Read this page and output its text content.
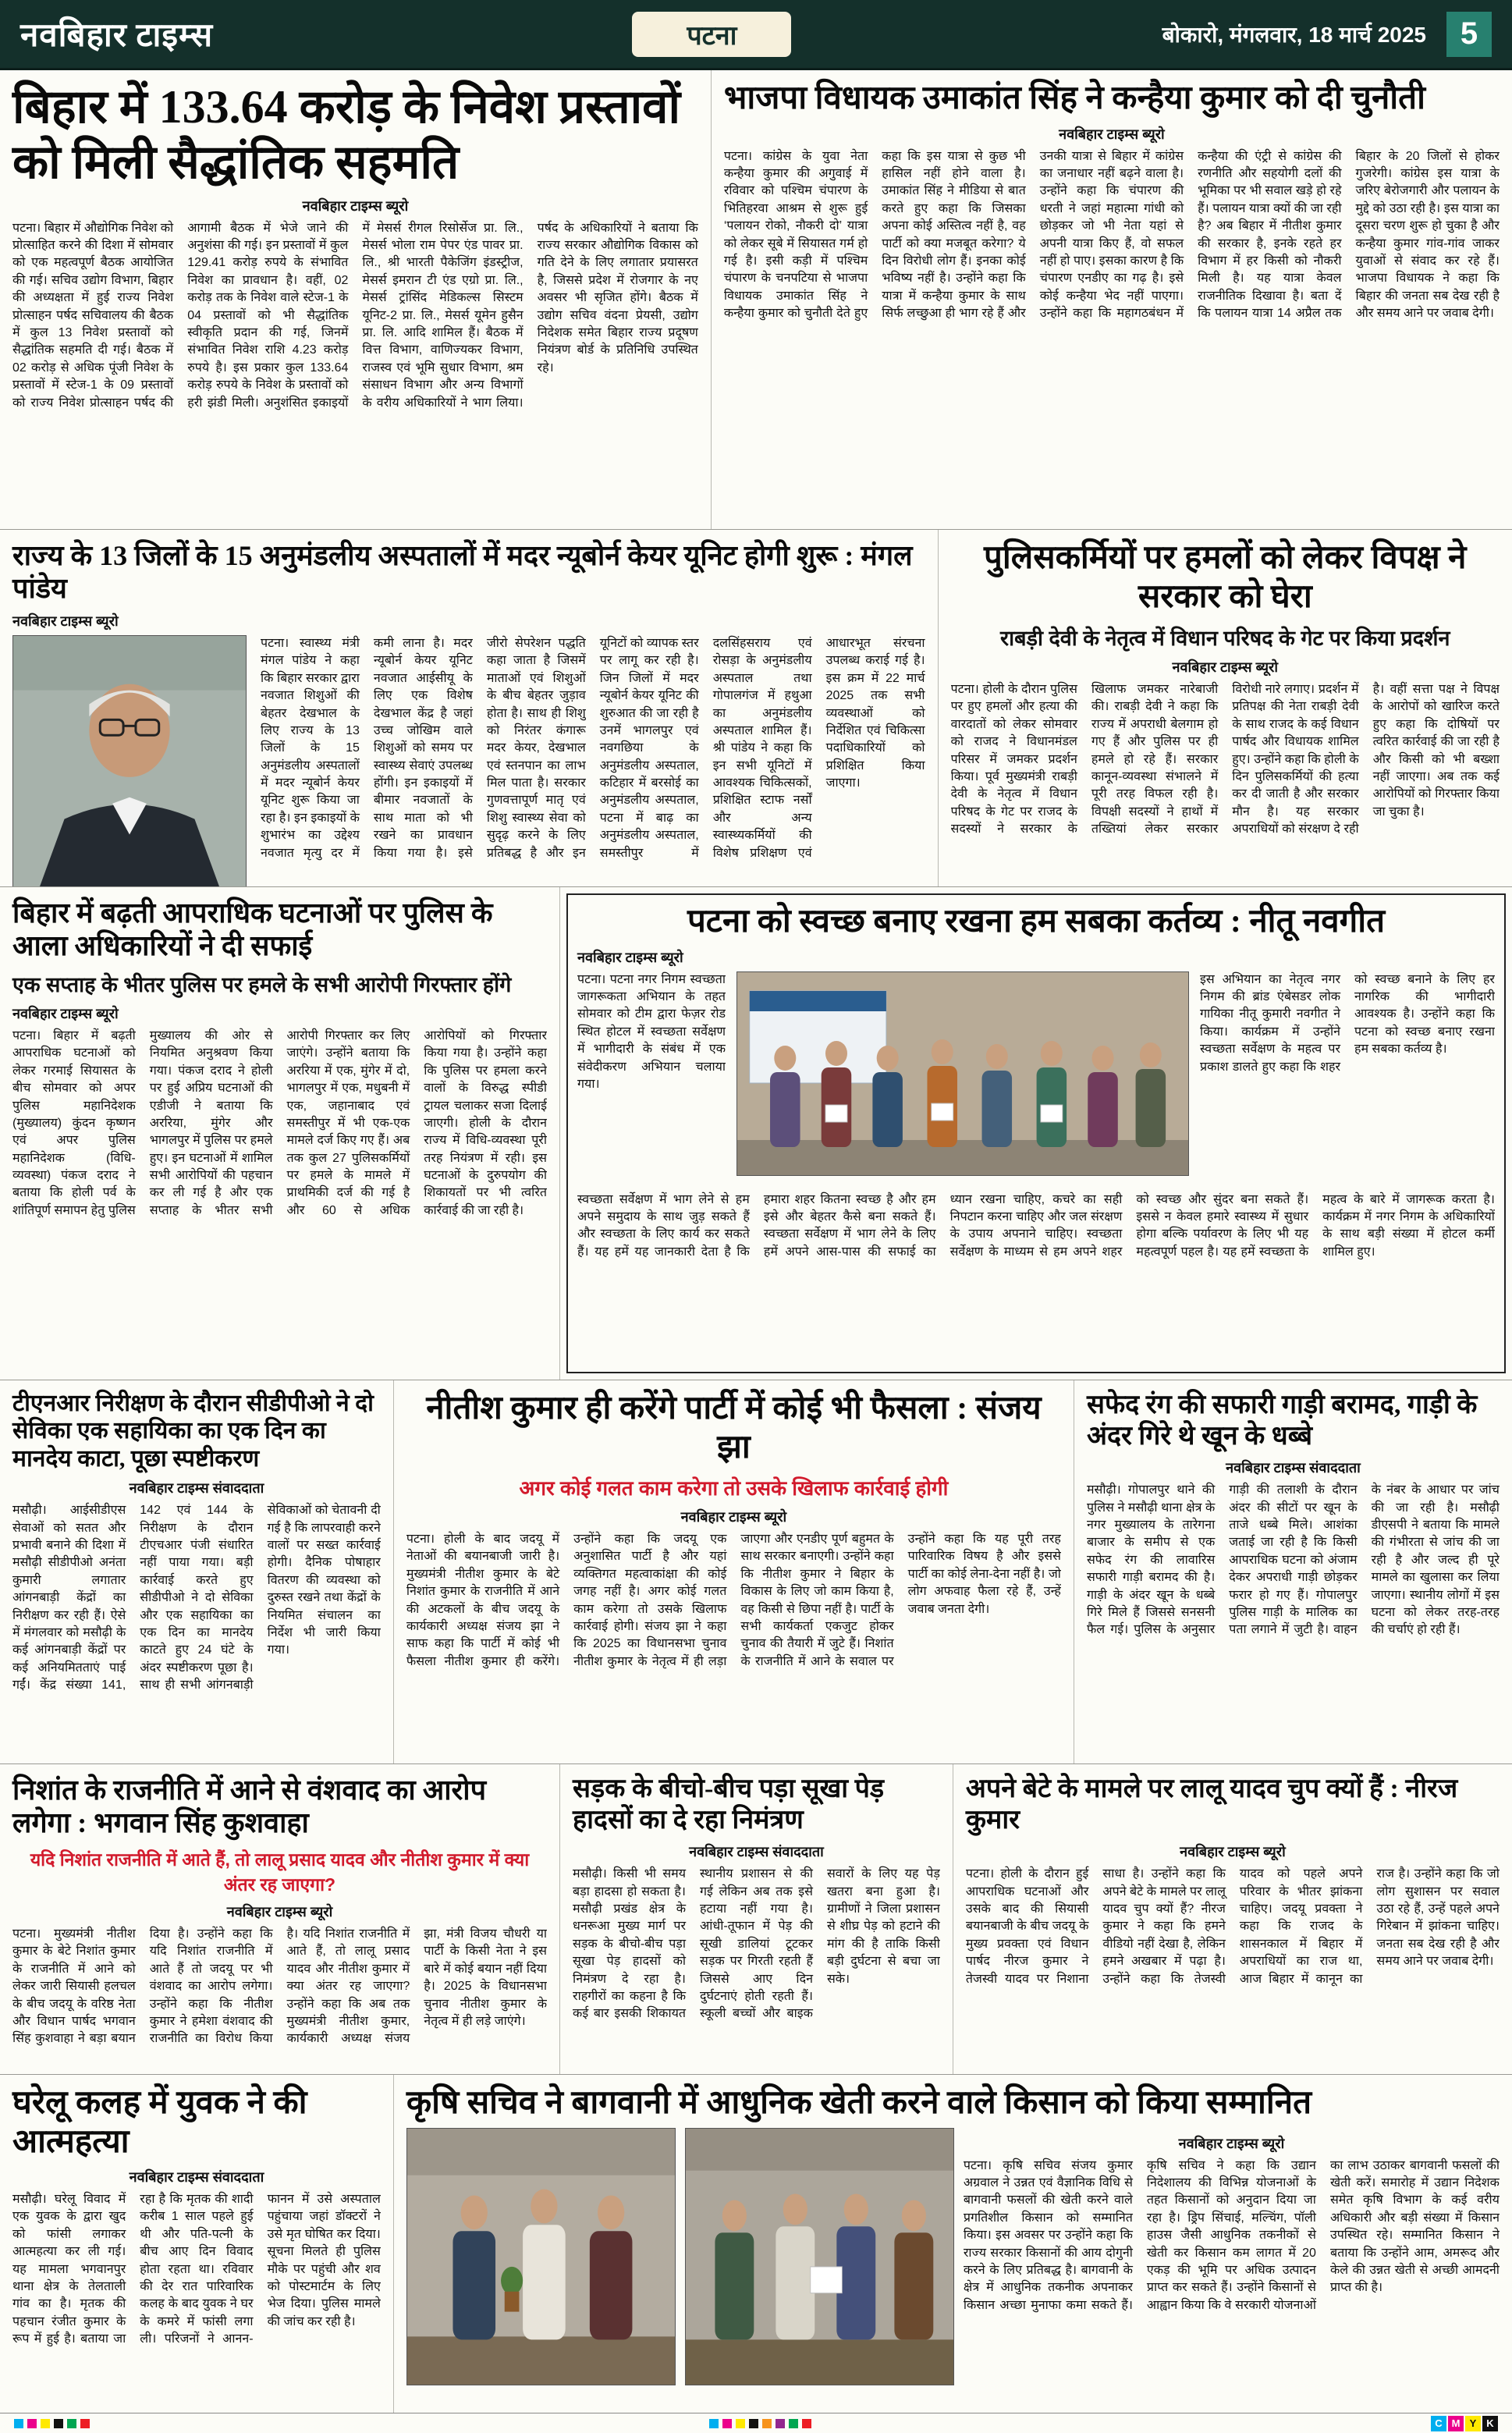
नवबिहार टाइम्स	पटना	बोकारो, मंगलवार, 18 मार्च 2025	5
बिहार में 133.64 करोड़ के निवेश प्रस्तावों को मिली सैद्धांतिक सहमति
नवबिहार टाइम्स ब्यूरो
पटना। बिहार में औद्योगिक निवेश को प्रोत्साहित करने की दिशा में सोमवार को एक महत्वपूर्ण बैठक आयोजित की गई। सचिव उद्योग विभाग, बिहार की अध्यक्षता में हुई राज्य निवेश प्रोत्साहन पर्षद सचिवालय की बैठक में कुल 13 निवेश प्रस्तावों को सैद्धांतिक सहमति दी गई। बैठक में 02 करोड़ से अधिक पूंजी निवेश के प्रस्तावों में स्टेज-1 के 09 प्रस्तावों को राज्य निवेश प्रोत्साहन पर्षद की आगामी बैठक में भेजे जाने की अनुशंसा की गई। इन प्रस्तावों में कुल 129.41 करोड़ रुपये के संभावित निवेश का प्रावधान है। वहीं, 02 करोड़ तक के निवेश वाले स्टेज-1 के 04 प्रस्तावों को भी सैद्धांतिक स्वीकृति प्रदान की गई, जिनमें संभावित निवेश राशि 4.23 करोड़ रुपये है। इस प्रकार कुल 133.64 करोड़ रुपये के निवेश के प्रस्तावों को हरी झंडी मिली। अनुशंसित इकाइयों में मेसर्स रीगल रिसोर्सेज प्रा. लि., मेसर्स भोला राम पेपर एंड पावर प्रा. लि., श्री भारती पैकेजिंग इंडस्ट्रीज, मेसर्स इमरान टी एंड एग्रो प्रा. लि., मेसर्स ट्रांसिंद मेडिकल्स सिस्टम यूनिट-2 प्रा. लि., मेसर्स यूमेन हुसैन प्रा. लि. आदि शामिल हैं। बैठक में वित्त विभाग, वाणिज्यकर विभाग, राजस्व एवं भूमि सुधार विभाग, श्रम संसाधन विभाग और अन्य विभागों के वरीय अधिकारियों ने भाग लिया। पर्षद के अधिकारियों ने बताया कि राज्य सरकार औद्योगिक विकास को गति देने के लिए लगातार प्रयासरत है, जिससे प्रदेश में रोजगार के नए अवसर भी सृजित होंगे। बैठक में उद्योग सचिव वंदना प्रेयसी, उद्योग निदेशक समेत बिहार राज्य प्रदूषण नियंत्रण बोर्ड के प्रतिनिधि उपस्थित रहे।
भाजपा विधायक उमाकांत सिंह ने कन्हैया कुमार को दी चुनौती
नवबिहार टाइम्स ब्यूरो
पटना। कांग्रेस के युवा नेता कन्हैया कुमार की अगुवाई में रविवार को पश्चिम चंपारण के भितिहरवा आश्रम से शुरू हुई ‘पलायन रोको, नौकरी दो’ यात्रा को लेकर सूबे में सियासत गर्म हो गई है। इसी कड़ी में पश्चिम चंपारण के चनपटिया से भाजपा विधायक उमाकांत सिंह ने कन्हैया कुमार को चुनौती देते हुए कहा कि इस यात्रा से कुछ भी हासिल नहीं होने वाला है। उमाकांत सिंह ने मीडिया से बात करते हुए कहा कि जिसका अपना कोई अस्तित्व नहीं है, वह पार्टी को क्या मजबूत करेगा? ये दिन विरोधी लोग हैं। इनका कोई भविष्य नहीं है। उन्होंने कहा कि यात्रा में कन्हैया कुमार के साथ सिर्फ लच्छुआ ही भाग रहे हैं और उनकी यात्रा से बिहार में कांग्रेस का जनाधार नहीं बढ़ने वाला है। उन्होंने कहा कि चंपारण की धरती ने जहां महात्मा गांधी को छोड़कर जो भी नेता यहां से अपनी यात्रा किए हैं, वो सफल नहीं हो पाए। इसका कारण है कि चंपारण एनडीए का गढ़ है। इसे कोई कन्हैया भेद नहीं पाएगा। उन्होंने कहा कि महागठबंधन में कन्हैया की एंट्री से कांग्रेस की रणनीति और सहयोगी दलों की भूमिका पर भी सवाल खड़े हो रहे हैं। पलायन यात्रा क्यों की जा रही है? अब बिहार में नीतीश कुमार की सरकार है, इनके रहते हर विभाग में हर किसी को नौकरी मिली है। यह यात्रा केवल राजनीतिक दिखावा है। बता दें कि पलायन यात्रा 14 अप्रैल तक बिहार के 20 जिलों से होकर गुजरेगी। कांग्रेस इस यात्रा के जरिए बेरोजगारी और पलायन के मुद्दे को उठा रही है। इस यात्रा का दूसरा चरण शुरू हो चुका है और कन्हैया कुमार गांव-गांव जाकर युवाओं से संवाद कर रहे हैं। भाजपा विधायक ने कहा कि बिहार की जनता सब देख रही है और समय आने पर जवाब देगी।
राज्य के 13 जिलों के 15 अनुमंडलीय अस्पतालों में मदर न्यूबोर्न केयर यूनिट होगी शुरू : मंगल पांडेय
नवबिहार टाइम्स ब्यूरो
पटना। स्वास्थ्य मंत्री मंगल पांडेय ने कहा कि बिहार सरकार द्वारा नवजात शिशुओं की बेहतर देखभाल के लिए राज्य के 13 जिलों के 15 अनुमंडलीय अस्पतालों में मदर न्यूबोर्न केयर यूनिट शुरू किया जा रहा है। इन इकाइयों के शुभारंभ का उद्देश्य नवजात मृत्यु दर में कमी लाना है। मदर न्यूबोर्न केयर यूनिट नवजात आईसीयू के लिए एक विशेष देखभाल केंद्र है जहां उच्च जोखिम वाले शिशुओं को समय पर स्वास्थ्य सेवाएं उपलब्ध होंगी। इन इकाइयों में बीमार नवजातों के साथ माता को भी रखने का प्रावधान किया गया है। इसे जीरो सेपरेशन पद्धति कहा जाता है जिसमें माताओं एवं शिशुओं के बीच बेहतर जुड़ाव होता है। साथ ही शिशु को निरंतर कंगारू मदर केयर, देखभाल एवं स्तनपान का लाभ मिल पाता है। सरकार गुणवत्तापूर्ण मातृ एवं शिशु स्वास्थ्य सेवा को सुदृढ़ करने के लिए प्रतिबद्ध है और इन यूनिटों को व्यापक स्तर पर लागू कर रही है। जिन जिलों में मदर न्यूबोर्न केयर यूनिट की शुरुआत की जा रही है उनमें भागलपुर एवं नवगछिया के अनुमंडलीय अस्पताल, कटिहार में बरसोई का अनुमंडलीय अस्पताल, पटना में बाढ़ का अनुमंडलीय अस्पताल, समस्तीपुर में दलसिंहसराय एवं रोसड़ा के अनुमंडलीय अस्पताल तथा गोपालगंज में हथुआ का अनुमंडलीय अस्पताल शामिल हैं। श्री पांडेय ने कहा कि इन सभी यूनिटों में आवश्यक चिकित्सकों, प्रशिक्षित स्टाफ नर्सों और अन्य स्वास्थ्यकर्मियों की विशेष प्रशिक्षण एवं आधारभूत संरचना उपलब्ध कराई गई है। इस क्रम में 22 मार्च 2025 तक सभी व्यवस्थाओं को निर्देशित एवं चिकित्सा पदाधिकारियों को प्रशिक्षित किया जाएगा।
पुलिसकर्मियों पर हमलों को लेकर विपक्ष ने सरकार को घेरा
राबड़ी देवी के नेतृत्व में विधान परिषद के गेट पर किया प्रदर्शन
नवबिहार टाइम्स ब्यूरो
पटना। होली के दौरान पुलिस पर हुए हमलों और हत्या की वारदातों को लेकर सोमवार को राजद ने विधानमंडल परिसर में जमकर प्रदर्शन किया। पूर्व मुख्यमंत्री राबड़ी देवी के नेतृत्व में विधान परिषद के गेट पर राजद के सदस्यों ने सरकार के खिलाफ जमकर नारेबाजी की। राबड़ी देवी ने कहा कि राज्य में अपराधी बेलगाम हो गए हैं और पुलिस पर ही हमले हो रहे हैं। सरकार कानून-व्यवस्था संभालने में पूरी तरह विफल रही है। विपक्षी सदस्यों ने हाथों में तख्तियां लेकर सरकार विरोधी नारे लगाए। प्रदर्शन में प्रतिपक्ष की नेता राबड़ी देवी के साथ राजद के कई विधान पार्षद और विधायक शामिल हुए। उन्होंने कहा कि होली के दिन पुलिसकर्मियों की हत्या कर दी जाती है और सरकार मौन है। यह सरकार अपराधियों को संरक्षण दे रही है। वहीं सत्ता पक्ष ने विपक्ष के आरोपों को खारिज करते हुए कहा कि दोषियों पर त्वरित कार्रवाई की जा रही है और किसी को भी बख्शा नहीं जाएगा। अब तक कई आरोपियों को गिरफ्तार किया जा चुका है।
बिहार में बढ़ती आपराधिक घटनाओं पर पुलिस के आला अधिकारियों ने दी सफाई
एक सप्ताह के भीतर पुलिस पर हमले के सभी आरोपी गिरफ्तार होंगे
नवबिहार टाइम्स ब्यूरो
पटना। बिहार में बढ़ती आपराधिक घटनाओं को लेकर गरमाई सियासत के बीच सोमवार को अपर पुलिस महानिदेशक (मुख्यालय) कुंदन कृष्णन एवं अपर पुलिस महानिदेशक (विधि-व्यवस्था) पंकज दराद ने बताया कि होली पर्व के शांतिपूर्ण समापन हेतु पुलिस मुख्यालय की ओर से नियमित अनुश्रवण किया गया। पंकज दराद ने होली पर हुई अप्रिय घटनाओं की एडीजी ने बताया कि अररिया, मुंगेर और भागलपुर में पुलिस पर हमले हुए। इन घटनाओं में शामिल सभी आरोपियों की पहचान कर ली गई है और एक सप्ताह के भीतर सभी आरोपी गिरफ्तार कर लिए जाएंगे। उन्होंने बताया कि अररिया में एक, मुंगेर में दो, भागलपुर में एक, मधुबनी में एक, जहानाबाद एवं समस्तीपुर में भी एक-एक मामले दर्ज किए गए हैं। अब तक कुल 27 पुलिसकर्मियों पर हमले के मामले में प्राथमिकी दर्ज की गई है और 60 से अधिक आरोपियों को गिरफ्तार किया गया है। उन्होंने कहा कि पुलिस पर हमला करने वालों के विरुद्ध स्पीडी ट्रायल चलाकर सजा दिलाई जाएगी। होली के दौरान राज्य में विधि-व्यवस्था पूरी तरह नियंत्रण में रही। इस घटनाओं के दुरुपयोग की शिकायतों पर भी त्वरित कार्रवाई की जा रही है।
पटना को स्वच्छ बनाए रखना हम सबका कर्तव्य : नीतू नवगीत
नवबिहार टाइम्स ब्यूरो
पटना। पटना नगर निगम स्वच्छता जागरूकता अभियान के तहत सोमवार को टीम द्वारा फेज़र रोड स्थित होटल में स्वच्छता सर्वेक्षण में भागीदारी के संबंध में एक संवेदीकरण अभियान चलाया गया।
इस अभियान का नेतृत्व नगर निगम की ब्रांड एंबेसडर लोक गायिका नीतू कुमारी नवगीत ने किया। कार्यक्रम में उन्होंने स्वच्छता सर्वेक्षण के महत्व पर प्रकाश डालते हुए कहा कि शहर को स्वच्छ बनाने के लिए हर नागरिक की भागीदारी आवश्यक है। उन्होंने कहा कि पटना को स्वच्छ बनाए रखना हम सबका कर्तव्य है।
स्वच्छता सर्वेक्षण में भाग लेने से हम अपने समुदाय के साथ जुड़ सकते हैं और स्वच्छता के लिए कार्य कर सकते हैं। यह हमें यह जानकारी देता है कि हमारा शहर कितना स्वच्छ है और हम इसे और बेहतर कैसे बना सकते हैं। स्वच्छता सर्वेक्षण में भाग लेने के लिए हमें अपने आस-पास की सफाई का ध्यान रखना चाहिए, कचरे का सही निपटान करना चाहिए और जल संरक्षण के उपाय अपनाने चाहिए। स्वच्छता सर्वेक्षण के माध्यम से हम अपने शहर को स्वच्छ और सुंदर बना सकते हैं। इससे न केवल हमारे स्वास्थ्य में सुधार होगा बल्कि पर्यावरण के लिए भी यह महत्वपूर्ण पहल है। यह हमें स्वच्छता के महत्व के बारे में जागरूक करता है। कार्यक्रम में नगर निगम के अधिकारियों के साथ बड़ी संख्या में होटल कर्मी शामिल हुए।
टीएनआर निरीक्षण के दौरान सीडीपीओ ने दो सेविका एक सहायिका का एक दिन का मानदेय काटा, पूछा स्पष्टीकरण
नवबिहार टाइम्स संवाददाता
मसौढ़ी। आईसीडीएस सेवाओं को सतत और प्रभावी बनाने की दिशा में मसौढ़ी सीडीपीओ अनंता कुमारी लगातार आंगनबाड़ी केंद्रों का निरीक्षण कर रही हैं। ऐसे में मंगलवार को मसौढ़ी के कई आंगनबाड़ी केंद्रों पर कई अनियमितताएं पाई गईं। केंद्र संख्या 141, 142 एवं 144 के निरीक्षण के दौरान टीएचआर पंजी संधारित नहीं पाया गया। बड़ी कार्रवाई करते हुए सीडीपीओ ने दो सेविका और एक सहायिका का एक दिन का मानदेय काटते हुए 24 घंटे के अंदर स्पष्टीकरण पूछा है। साथ ही सभी आंगनबाड़ी सेविकाओं को चेतावनी दी गई है कि लापरवाही करने वालों पर सख्त कार्रवाई होगी। दैनिक पोषाहार वितरण की व्यवस्था को दुरुस्त रखने तथा केंद्रों के नियमित संचालन का निर्देश भी जारी किया गया।
नीतीश कुमार ही करेंगे पार्टी में कोई भी फैसला : संजय झा
अगर कोई गलत काम करेगा तो उसके खिलाफ कार्रवाई होगी
नवबिहार टाइम्स ब्यूरो
पटना। होली के बाद जदयू में नेताओं की बयानबाजी जारी है। मुख्यमंत्री नीतीश कुमार के बेटे निशांत कुमार के राजनीति में आने की अटकलों के बीच जदयू के कार्यकारी अध्यक्ष संजय झा ने साफ कहा कि पार्टी में कोई भी फैसला नीतीश कुमार ही करेंगे। उन्होंने कहा कि जदयू एक अनुशासित पार्टी है और यहां व्यक्तिगत महत्वाकांक्षा की कोई जगह नहीं है। अगर कोई गलत काम करेगा तो उसके खिलाफ कार्रवाई होगी। संजय झा ने कहा कि 2025 का विधानसभा चुनाव नीतीश कुमार के नेतृत्व में ही लड़ा जाएगा और एनडीए पूर्ण बहुमत के साथ सरकार बनाएगी। उन्होंने कहा कि नीतीश कुमार ने बिहार के विकास के लिए जो काम किया है, वह किसी से छिपा नहीं है। पार्टी के सभी कार्यकर्ता एकजुट होकर चुनाव की तैयारी में जुटे हैं। निशांत के राजनीति में आने के सवाल पर उन्होंने कहा कि यह पूरी तरह पारिवारिक विषय है और इससे पार्टी का कोई लेना-देना नहीं है। जो लोग अफवाह फैला रहे हैं, उन्हें जवाब जनता देगी।
सफेद रंग की सफारी गाड़ी बरामद, गाड़ी के अंदर गिरे थे खून के धब्बे
नवबिहार टाइम्स संवाददाता
मसौढ़ी। गोपालपुर थाने की पुलिस ने मसौढ़ी थाना क्षेत्र के नगर मुख्यालय के तारेगना बाजार के समीप से एक सफेद रंग की लावारिस सफारी गाड़ी बरामद की है। गाड़ी के अंदर खून के धब्बे गिरे मिले हैं जिससे सनसनी फैल गई। पुलिस के अनुसार गाड़ी की तलाशी के दौरान अंदर की सीटों पर खून के ताजे धब्बे मिले। आशंका जताई जा रही है कि किसी आपराधिक घटना को अंजाम देकर अपराधी गाड़ी छोड़कर फरार हो गए हैं। गोपालपुर पुलिस गाड़ी के मालिक का पता लगाने में जुटी है। वाहन के नंबर के आधार पर जांच की जा रही है। मसौढ़ी डीएसपी ने बताया कि मामले की गंभीरता से जांच की जा रही है और जल्द ही पूरे मामले का खुलासा कर लिया जाएगा। स्थानीय लोगों में इस घटना को लेकर तरह-तरह की चर्चाएं हो रही हैं।
निशांत के राजनीति में आने से वंशवाद का आरोप लगेगा : भगवान सिंह कुशवाहा
यदि निशांत राजनीति में आते हैं, तो लालू प्रसाद यादव और नीतीश कुमार में क्या अंतर रह जाएगा?
नवबिहार टाइम्स ब्यूरो
पटना। मुख्यमंत्री नीतीश कुमार के बेटे निशांत कुमार के राजनीति में आने को लेकर जारी सियासी हलचल के बीच जदयू के वरिष्ठ नेता और विधान पार्षद भगवान सिंह कुशवाहा ने बड़ा बयान दिया है। उन्होंने कहा कि यदि निशांत राजनीति में आते हैं तो जदयू पर भी वंशवाद का आरोप लगेगा। उन्होंने कहा कि नीतीश कुमार ने हमेशा वंशवाद की राजनीति का विरोध किया है। यदि निशांत राजनीति में आते हैं, तो लालू प्रसाद यादव और नीतीश कुमार में क्या अंतर रह जाएगा? उन्होंने कहा कि अब तक मुख्यमंत्री नीतीश कुमार, कार्यकारी अध्यक्ष संजय झा, मंत्री विजय चौधरी या पार्टी के किसी नेता ने इस बारे में कोई बयान नहीं दिया है। 2025 के विधानसभा चुनाव नीतीश कुमार के नेतृत्व में ही लड़े जाएंगे।
सड़क के बीचो-बीच पड़ा सूखा पेड़ हादसों का दे रहा निमंत्रण
नवबिहार टाइम्स संवाददाता
मसौढ़ी। किसी भी समय बड़ा हादसा हो सकता है। मसौढ़ी प्रखंड क्षेत्र के धनरूआ मुख्य मार्ग पर सड़क के बीचो-बीच पड़ा सूखा पेड़ हादसों को निमंत्रण दे रहा है। राहगीरों का कहना है कि कई बार इसकी शिकायत स्थानीय प्रशासन से की गई लेकिन अब तक इसे हटाया नहीं गया है। आंधी-तूफान में पेड़ की सूखी डालियां टूटकर सड़क पर गिरती रहती हैं जिससे आए दिन दुर्घटनाएं होती रहती हैं। स्कूली बच्चों और बाइक सवारों के लिए यह पेड़ खतरा बना हुआ है। ग्रामीणों ने जिला प्रशासन से शीघ्र पेड़ को हटाने की मांग की है ताकि किसी बड़ी दुर्घटना से बचा जा सके।
अपने बेटे के मामले पर लालू यादव चुप क्यों हैं : नीरज कुमार
नवबिहार टाइम्स ब्यूरो
पटना। होली के दौरान हुई आपराधिक घटनाओं और उसके बाद की सियासी बयानबाजी के बीच जदयू के मुख्य प्रवक्ता एवं विधान पार्षद नीरज कुमार ने तेजस्वी यादव पर निशाना साधा है। उन्होंने कहा कि अपने बेटे के मामले पर लालू यादव चुप क्यों हैं? नीरज कुमार ने कहा कि हमने वीडियो नहीं देखा है, लेकिन हमने अखबार में पढ़ा है। उन्होंने कहा कि तेजस्वी यादव को पहले अपने परिवार के भीतर झांकना चाहिए। जदयू प्रवक्ता ने कहा कि राजद के शासनकाल में बिहार में अपराधियों का राज था, आज बिहार में कानून का राज है। उन्होंने कहा कि जो लोग सुशासन पर सवाल उठा रहे हैं, उन्हें पहले अपने गिरेबान में झांकना चाहिए। जनता सब देख रही है और समय आने पर जवाब देगी।
घरेलू कलह में युवक ने की आत्महत्या
नवबिहार टाइम्स संवाददाता
मसौढ़ी। घरेलू विवाद में एक युवक के द्वारा खुद को फांसी लगाकर आत्महत्या कर ली गई। यह मामला भगवानपुर थाना क्षेत्र के तेलताली गांव का है। मृतक की पहचान रंजीत कुमार के रूप में हुई है। बताया जा रहा है कि मृतक की शादी करीब 1 साल पहले हुई थी और पति-पत्नी के बीच आए दिन विवाद होता रहता था। रविवार की देर रात पारिवारिक कलह के बाद युवक ने घर के कमरे में फांसी लगा ली। परिजनों ने आनन-फानन में उसे अस्पताल पहुंचाया जहां डॉक्टरों ने उसे मृत घोषित कर दिया। सूचना मिलते ही पुलिस मौके पर पहुंची और शव को पोस्टमार्टम के लिए भेज दिया। पुलिस मामले की जांच कर रही है।
कृषि सचिव ने बागवानी में आधुनिक खेती करने वाले किसान को किया सम्मानित
नवबिहार टाइम्स ब्यूरो
पटना। कृषि सचिव संजय कुमार अग्रवाल ने उन्नत एवं वैज्ञानिक विधि से बागवानी फसलों की खेती करने वाले प्रगतिशील किसान को सम्मानित किया। इस अवसर पर उन्होंने कहा कि राज्य सरकार किसानों की आय दोगुनी करने के लिए प्रतिबद्ध है। बागवानी के क्षेत्र में आधुनिक तकनीक अपनाकर किसान अच्छा मुनाफा कमा सकते हैं। कृषि सचिव ने कहा कि उद्यान निदेशालय की विभिन्न योजनाओं के तहत किसानों को अनुदान दिया जा रहा है। ड्रिप सिंचाई, मल्चिंग, पॉली हाउस जैसी आधुनिक तकनीकों से खेती कर किसान कम लागत में 20 एकड़ की भूमि पर अधिक उत्पादन प्राप्त कर सकते हैं। उन्होंने किसानों से आह्वान किया कि वे सरकारी योजनाओं का लाभ उठाकर बागवानी फसलों की खेती करें। समारोह में उद्यान निदेशक समेत कृषि विभाग के कई वरीय अधिकारी और बड़ी संख्या में किसान उपस्थित रहे। सम्मानित किसान ने बताया कि उन्होंने आम, अमरूद और केले की उन्नत खेती से अच्छी आमदनी प्राप्त की है।
C M Y K
